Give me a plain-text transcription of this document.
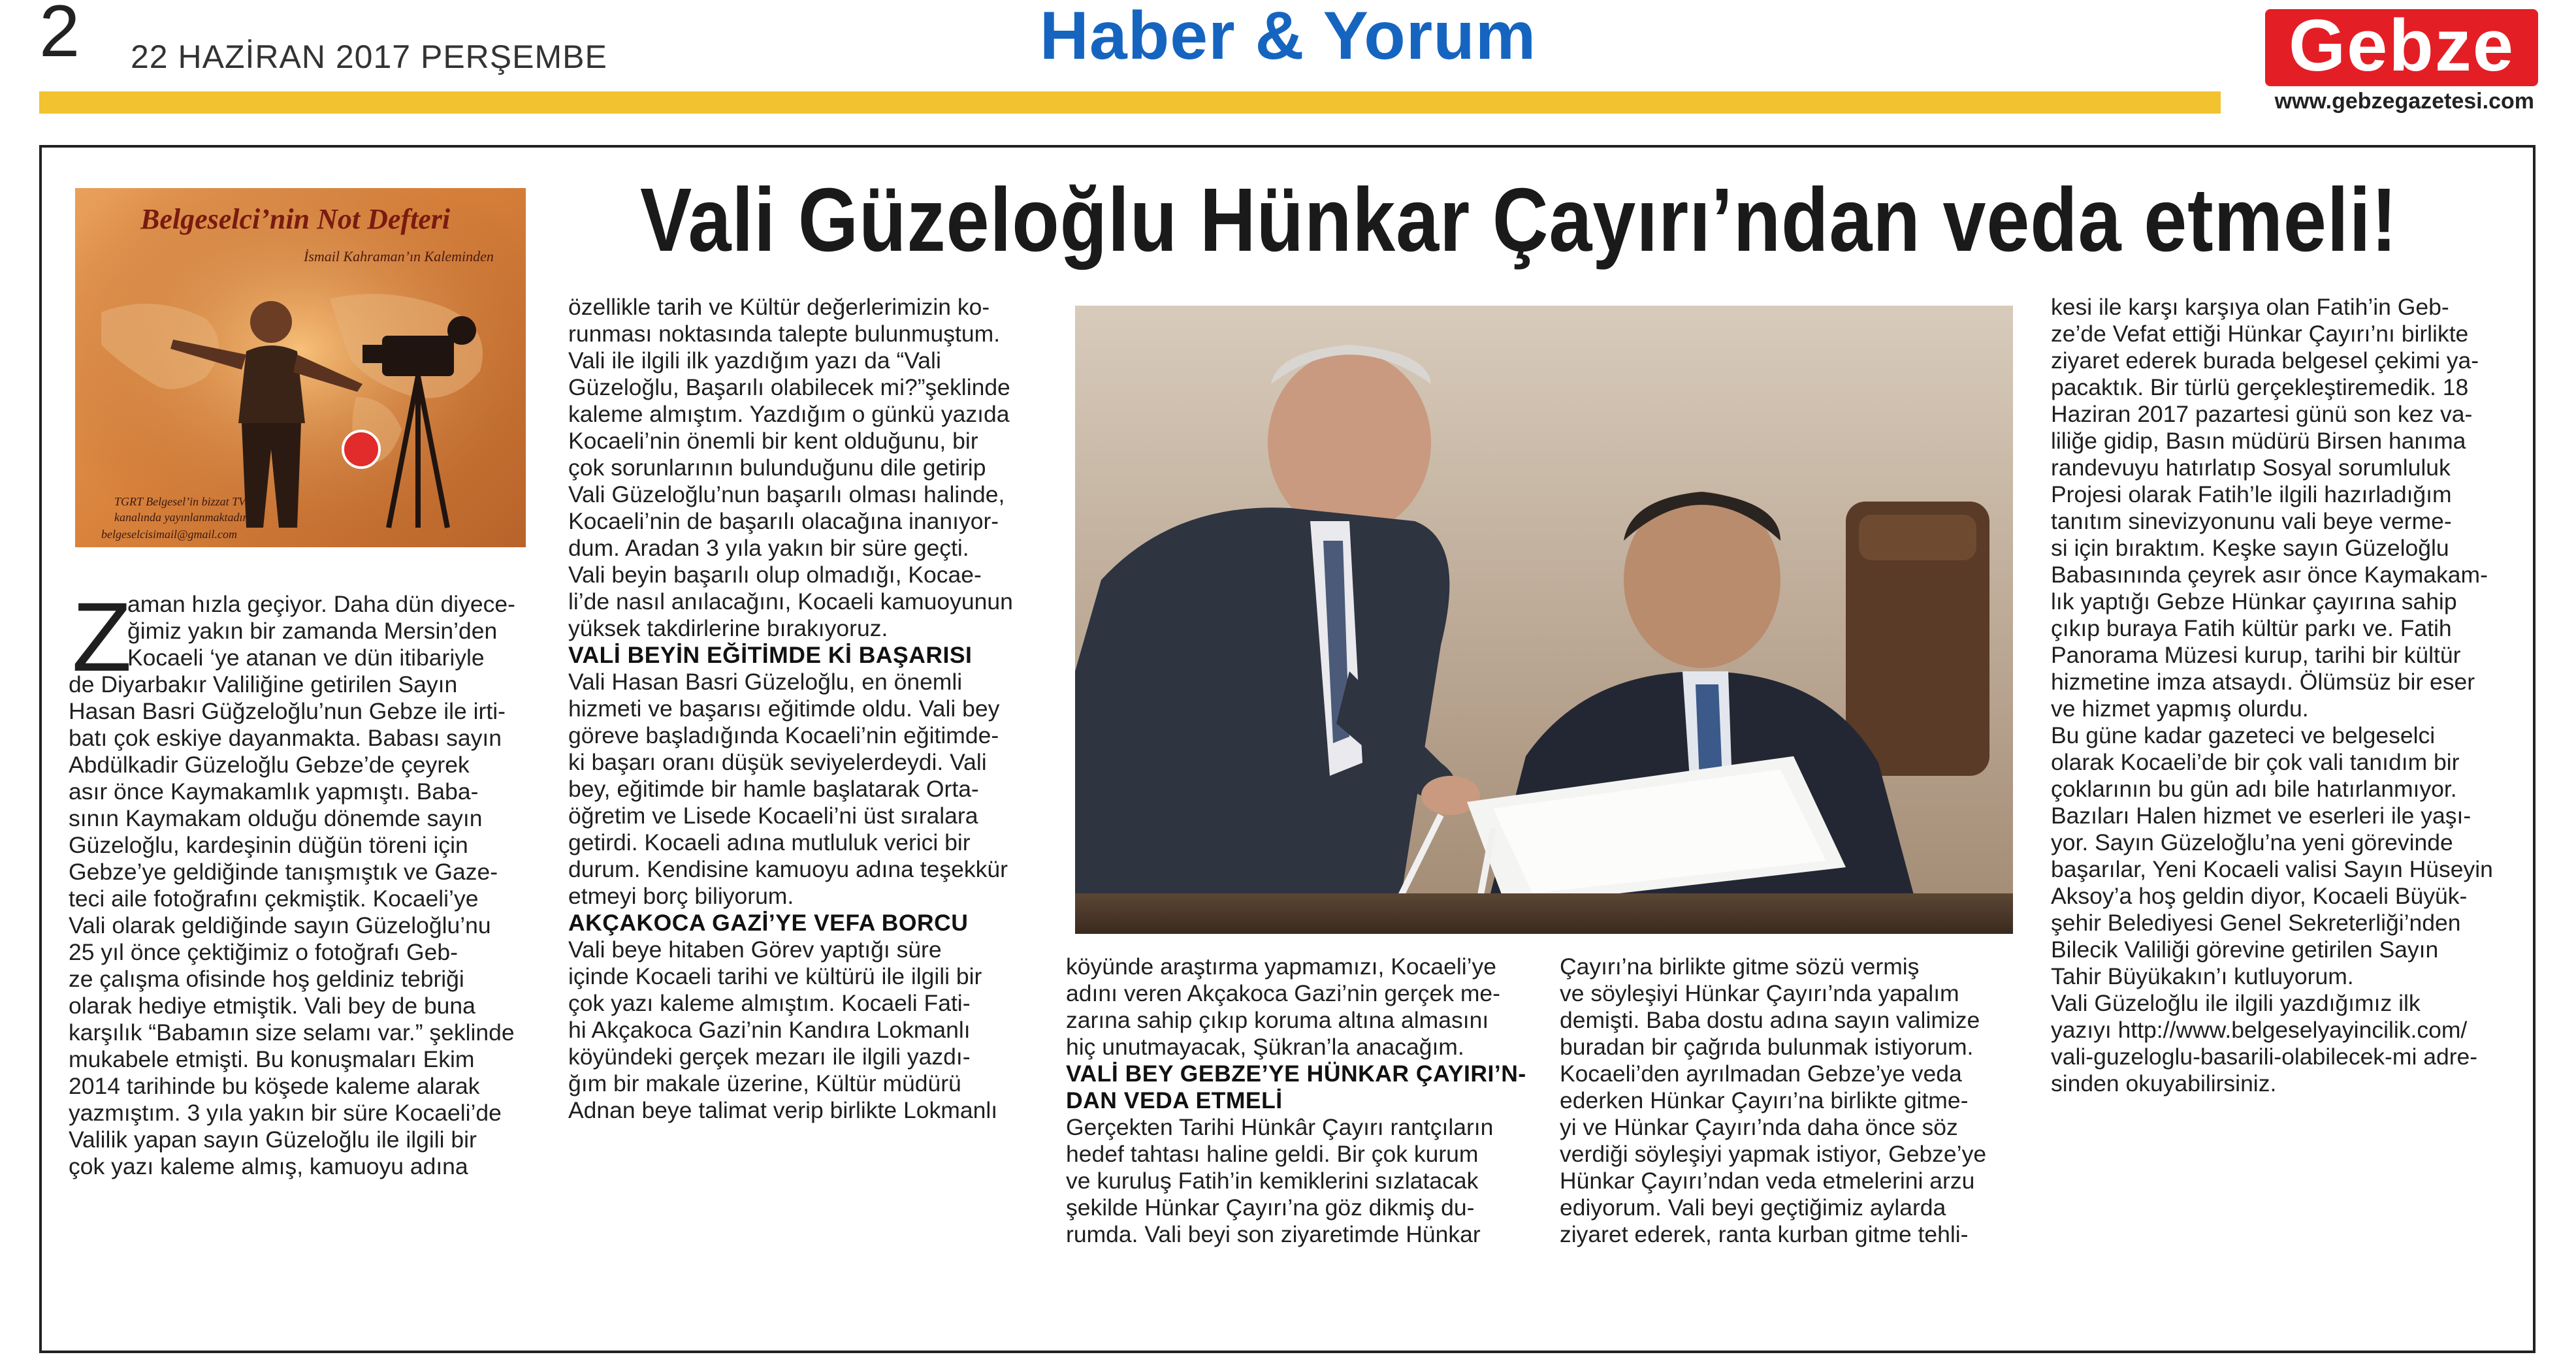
2 22 HAZİRAN 2017 PERŞEMBE	Haber & Yorum	Gebze
www.gebzegazetesi.com
Vali Güzeloğlu Hünkar Çayırı’ndan veda etmeli!
Belgeselci’nin Not Defteri
İsmail Kahraman’ın Kaleminden
TGRT Belgesel’in bizzat TV kanalında yayınlanmaktadır.
belgeselcisimail@gmail.com
Z
aman hızla geçiyor. Daha dün diyece-
ğimiz yakın bir zamanda Mersin’den
Kocaeli ‘ye atanan ve dün itibariyle
de Diyarbakır Valiliğine getirilen Sayın
Hasan Basri Güğzeloğlu’nun Gebze ile irti-
batı çok eskiye dayanmakta. Babası sayın
Abdülkadir Güzeloğlu Gebze’de çeyrek
asır önce Kaymakamlık yapmıştı. Baba-
sının Kaymakam olduğu dönemde sayın
Güzeloğlu, kardeşinin düğün töreni için
Gebze’ye geldiğinde tanışmıştık ve Gaze-
teci aile fotoğrafını çekmiştik. Kocaeli’ye
Vali olarak geldiğinde sayın Güzeloğlu’nu
25 yıl önce çektiğimiz o fotoğrafı Geb-
ze çalışma ofisinde hoş geldiniz tebriği
olarak hediye etmiştik. Vali bey de buna
karşılık “Babamın size selamı var.” şeklinde
mukabele etmişti. Bu konuşmaları Ekim
2014 tarihinde bu köşede kaleme alarak
yazmıştım. 3 yıla yakın bir süre Kocaeli’de
Valilik yapan sayın Güzeloğlu ile ilgili bir
çok yazı kaleme almış, kamuoyu adına
özellikle tarih ve Kültür değerlerimizin ko-
runması noktasında talepte bulunmuştum.
Vali ile ilgili ilk yazdığım yazı da “Vali
Güzeloğlu, Başarılı olabilecek mi?”şeklinde
kaleme almıştım. Yazdığım o günkü yazıda
Kocaeli’nin önemli bir kent olduğunu, bir
çok sorunlarının bulunduğunu dile getirip
Vali Güzeloğlu’nun başarılı olması halinde,
Kocaeli’nin de başarılı olacağına inanıyor-
dum. Aradan 3 yıla yakın bir süre geçti.
Vali beyin başarılı olup olmadığı, Kocae-
li’de nasıl anılacağını, Kocaeli kamuoyunun
yüksek takdirlerine bırakıyoruz.
VALİ BEYİN EĞİTİMDE Kİ BAŞARISI
Vali Hasan Basri Güzeloğlu, en önemli
hizmeti ve başarısı eğitimde oldu. Vali bey
göreve başladığında Kocaeli’nin eğitimde-
ki başarı oranı düşük seviyelerdeydi. Vali
bey, eğitimde bir hamle başlatarak Orta-
öğretim ve Lisede Kocaeli’ni üst sıralara
getirdi. Kocaeli adına mutluluk verici bir
durum. Kendisine kamuoyu adına teşekkür
etmeyi borç biliyorum.
AKÇAKOCA GAZİ’YE VEFA BORCU
Vali beye hitaben Görev yaptığı süre
içinde Kocaeli tarihi ve kültürü ile ilgili bir
çok yazı kaleme almıştım. Kocaeli Fati-
hi Akçakoca Gazi’nin Kandıra Lokmanlı
köyündeki gerçek mezarı ile ilgili yazdı-
ğım bir makale üzerine, Kültür müdürü
Adnan beye talimat verip birlikte Lokmanlı
köyünde araştırma yapmamızı, Kocaeli’ye
adını veren Akçakoca Gazi’nin gerçek me-
zarına sahip çıkıp koruma altına almasını
hiç unutmayacak, Şükran’la anacağım.
VALİ BEY GEBZE’YE HÜNKAR ÇAYIRI’N-
DAN VEDA ETMELİ
Gerçekten Tarihi Hünkâr Çayırı rantçıların
hedef tahtası haline geldi. Bir çok kurum
ve kuruluş Fatih’in kemiklerini sızlatacak
şekilde Hünkar Çayırı’na göz dikmiş du-
rumda. Vali beyi son ziyaretimde Hünkar
Çayırı’na birlikte gitme sözü vermiş
ve söyleşiyi Hünkar Çayırı’nda yapalım
demişti. Baba dostu adına sayın valimize
buradan bir çağrıda bulunmak istiyorum.
Kocaeli’den ayrılmadan Gebze’ye veda
ederken Hünkar Çayırı’na birlikte gitme-
yi ve Hünkar Çayırı’nda daha önce söz
verdiği söyleşiyi yapmak istiyor, Gebze’ye
Hünkar Çayırı’ndan veda etmelerini arzu
ediyorum. Vali beyi geçtiğimiz aylarda
ziyaret ederek, ranta kurban gitme tehli-
kesi ile karşı karşıya olan Fatih’in Geb-
ze’de Vefat ettiği Hünkar Çayırı’nı birlikte
ziyaret ederek burada belgesel çekimi ya-
pacaktık. Bir türlü gerçekleştiremedik. 18
Haziran 2017 pazartesi günü son kez va-
liliğe gidip, Basın müdürü Birsen hanıma
randevuyu hatırlatıp Sosyal sorumluluk
Projesi olarak Fatih’le ilgili hazırladığım
tanıtım sinevizyonunu vali beye verme-
si için bıraktım. Keşke sayın Güzeloğlu
Babasınında çeyrek asır önce Kaymakam-
lık yaptığı Gebze Hünkar çayırına sahip
çıkıp buraya Fatih kültür parkı ve. Fatih
Panorama Müzesi kurup, tarihi bir kültür
hizmetine imza atsaydı. Ölümsüz bir eser
ve hizmet yapmış olurdu.
Bu güne kadar gazeteci ve belgeselci
olarak Kocaeli’de bir çok vali tanıdım bir
çoklarının bu gün adı bile hatırlanmıyor.
Bazıları Halen hizmet ve eserleri ile yaşı-
yor. Sayın Güzeloğlu’na yeni görevinde
başarılar, Yeni Kocaeli valisi Sayın Hüseyin
Aksoy’a hoş geldin diyor, Kocaeli Büyük-
şehir Belediyesi Genel Sekreterliği’nden
Bilecik Valiliği görevine getirilen Sayın
Tahir Büyükakın’ı kutluyorum.
Vali Güzeloğlu ile ilgili yazdığımız ilk
yazıyı http://www.belgeselyayincilik.com/
vali-guzeloglu-basarili-olabilecek-mi adre-
sinden okuyabilirsiniz.
